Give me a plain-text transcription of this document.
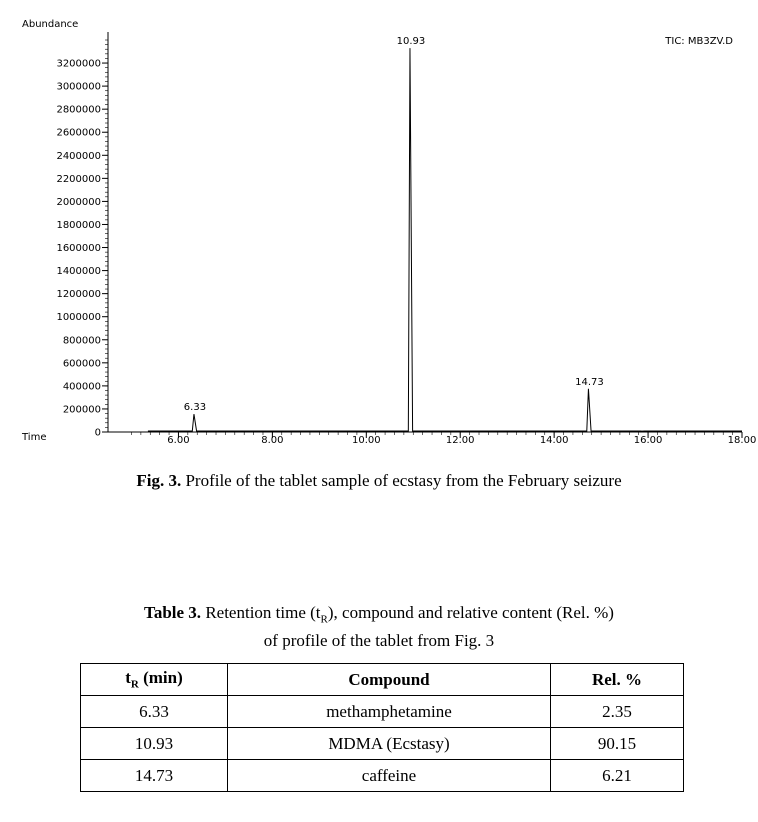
Abundance
TIC: MB3ZV.D
Time	0
200000
400000
600000
800000
1000000
1200000
1400000
1600000
1800000
2000000
2200000
2400000
2600000
2800000
3000000
3200000
6.00	8.00	10.00	12.00	14.00	16.00	18.00
6.33
10.93
14.73
Fig. 3. Profile of the tablet sample of ecstasy from the February seizure
Table 3. Retention time $(t_R)$, compound and relative content (Rel. %)
of profile of the tablet from Fig. 3
$t_R$ (min)	Compound	Rel. %
6.33	methamphetamine	2.35
10.93	MDMA (Ecstasy)	90.15
14.73	caffeine	6.21
